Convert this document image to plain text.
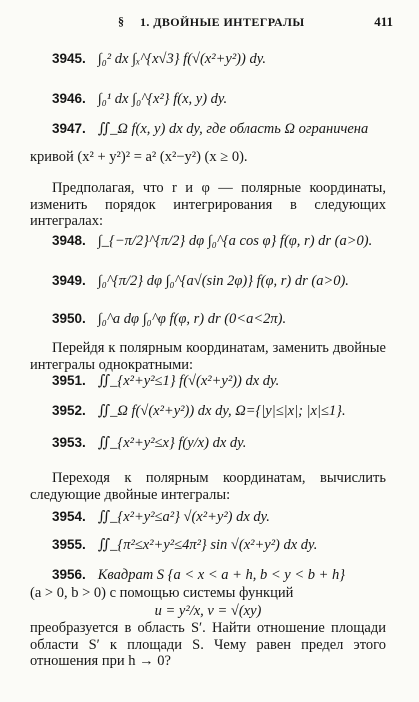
§ 1. ДВОЙНЫЕ ИНТЕГРАЛЫ	411
3945. ∫₀² dx ∫ₓ^{x√3} f(√(x²+y²)) dy.
3946. ∫₀¹ dx ∫₀^{x²} f(x, y) dy.
3947. ∬_Ω f(x, y) dx dy, где область Ω ограничена
кривой (x² + y²)² = a² (x²−y²) (x ≥ 0).
Предполагая, что r и φ — полярные координаты, изменить порядок интегрирования в следующих интегралах:
3948. ∫_{−π/2}^{π/2} dφ ∫₀^{a cos φ} f(φ, r) dr (a>0).
3949. ∫₀^{π/2} dφ ∫₀^{a√(sin 2φ)} f(φ, r) dr (a>0).
3950. ∫₀^a dφ ∫₀^φ f(φ, r) dr (0<a<2π).
Перейдя к полярным координатам, заменить двойные интегралы однократными:
3951. ∬_{x²+y²≤1} f(√(x²+y²)) dx dy.
3952. ∬_Ω f(√(x²+y²)) dx dy, Ω={|y|≤|x|; |x|≤1}.
3953. ∬_{x²+y²≤x} f(y/x) dx dy.
Переходя к полярным координатам, вычислить следующие двойные интегралы:
3954. ∬_{x²+y²≤a²} √(x²+y²) dx dy.
3955. ∬_{π²≤x²+y²≤4π²} sin √(x²+y²) dx dy.
3956. Квадрат S {a < x < a + h, b < y < b + h}
(a > 0, b > 0) с помощью системы функций
u = y²/x, v = √(xy)
преобразуется в область S′. Найти отношение площади области S′ к площади S. Чему равен предел этого отношения при h → 0?
